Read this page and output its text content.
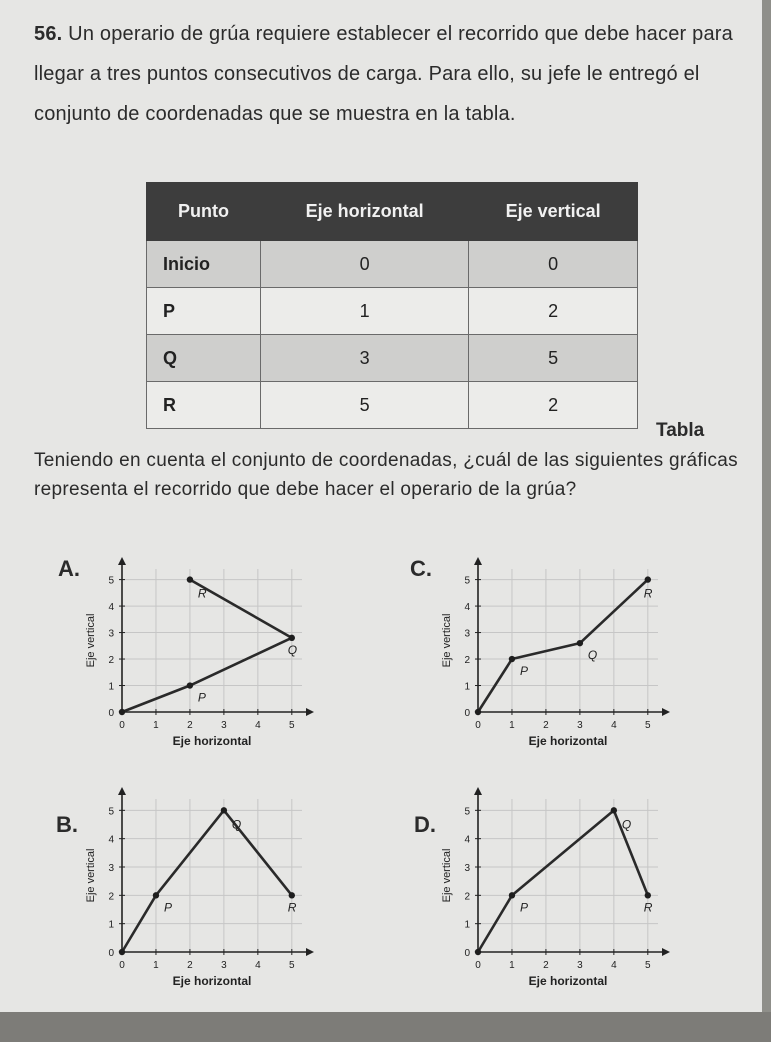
56. Un operario de grúa requiere establecer el recorrido que debe hacer para llegar a tres puntos consecutivos de carga. Para ello, su jefe le entregó el conjunto de coordenadas que se muestra en la tabla.
Punto	Eje horizontal	Eje vertical
Inicio	0	0
P	1	2
Q	3	5
R	5	2
Tabla
Teniendo en cuenta el conjunto de coordenadas, ¿cuál de las siguientes gráficas representa el recorrido que debe hacer el operario de la grúa?
A.	C.
B.	D.
0	1	2	3	4	5
0
1
2
3
4
5
Eje horizontal
Eje vertical
P
Q
R
0	1	2	3	4	5
0
1
2
3
4
5
Eje horizontal
Eje vertical
P
Q
R
0	1	2	3	4	5
0
1
2
3
4
5
Eje horizontal
Eje vertical
P
Q
R
0	1	2	3	4	5
0
1
2
3
4
5
Eje horizontal
Eje vertical
P
Q
R
